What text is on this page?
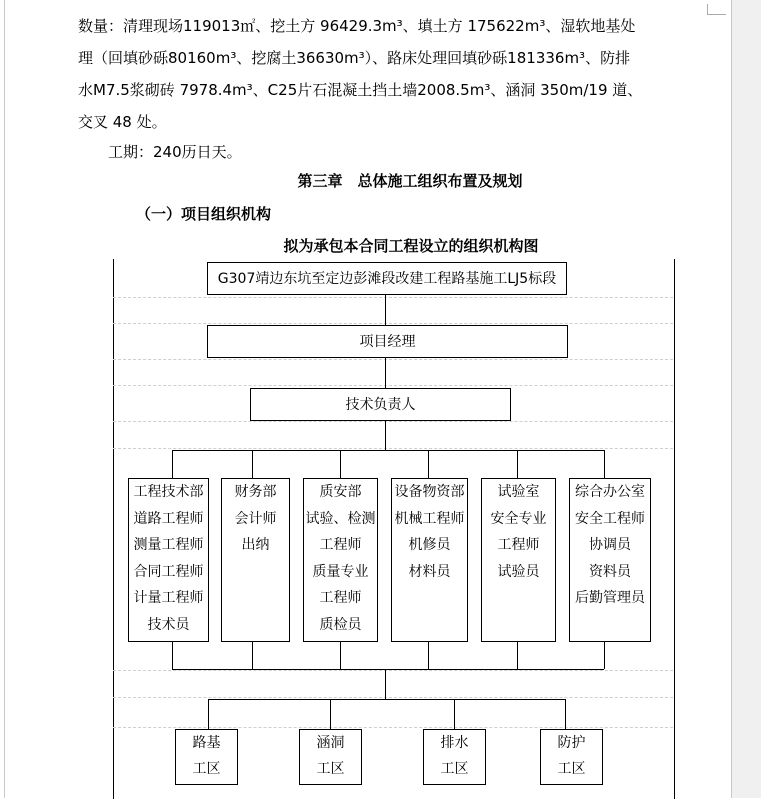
数量：清理现场119013㎡、挖土方 96429.3m³、填土方 175622m³、湿软地基处

理（回填砂砾80160m³、挖腐土36630m³）、路床处理回填砂砾181336m³、防排

水M7.5浆砌砖 7978.4m³、C25片石混凝土挡土墙2008.5m³、涵洞 350m/19 道、

交叉 48 处。

工期：240历日天。

第三章　总体施工组织布置及规划
（一）项目组织机构
拟为承包本合同工程设立的组织机构图
G307靖边东坑至定边彭滩段改建工程路基施工LJ5标段
项目经理
技术负责人
工程技术部
道路工程师
测量工程师
合同工程师
计量工程师
技术员
财务部
会计师
出纳
质安部
试验、检测
工程师
质量专业
工程师
质检员
设备物资部
机械工程师
机修员
材料员
试验室
安全专业
工程师
试验员
综合办公室
安全工程师
协调员
资料员
后勤管理员
路基
工区
涵洞
工区
排水
工区
防护
工区
